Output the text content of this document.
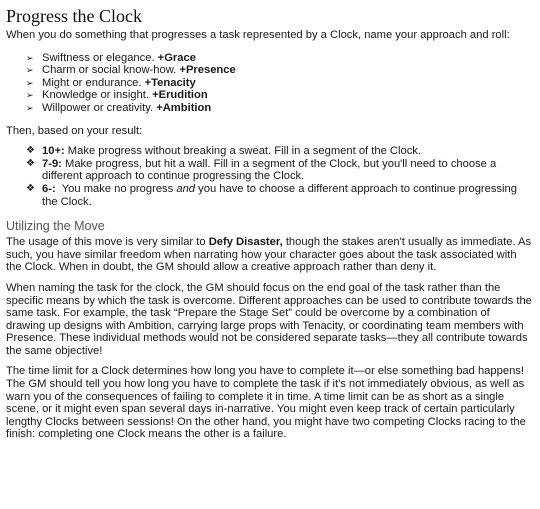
Progress the Clock

When you do something that progresses a task represented by a Clock, name your approach and roll:

➢ Swiftness or elegance. +Grace
➢ Charm or social know-how. +Presence
➢ Might or endurance. +Tenacity
➢ Knowledge or insight. +Erudition
➢ Willpower or creativity. +Ambition

Then, based on your result:

❖ 10+: Make progress without breaking a sweat. Fill in a segment of the Clock.
❖ 7-9: Make progress, but hit a wall. Fill in a segment of the Clock, but you'll need to choose a different approach to continue progressing the Clock.
❖ 6-:  You make no progress and you have to choose a different approach to continue progressing the Clock.
Utilizing the Move

The usage of this move is very similar to Defy Disaster, though the stakes aren't usually as immediate. As such, you have similar freedom when narrating how your character goes about the task associated with the Clock. When in doubt, the GM should allow a creative approach rather than deny it.

When naming the task for the clock, the GM should focus on the end goal of the task rather than the specific means by which the task is overcome. Different approaches can be used to contribute towards the same task. For example, the task “Prepare the Stage Set” could be overcome by a combination of drawing up designs with Ambition, carrying large props with Tenacity, or coordinating team members with Presence. These individual methods would not be considered separate tasks—they all contribute towards the same objective!

The time limit for a Clock determines how long you have to complete it—or else something bad happens! The GM should tell you how long you have to complete the task if it's not immediately obvious, as well as warn you of the consequences of failing to complete it in time. A time limit can be as short as a single scene, or it might even span several days in-narrative. You might even keep track of certain particularly lengthy Clocks between sessions! On the other hand, you might have two competing Clocks racing to the finish: completing one Clock means the other is a failure.
